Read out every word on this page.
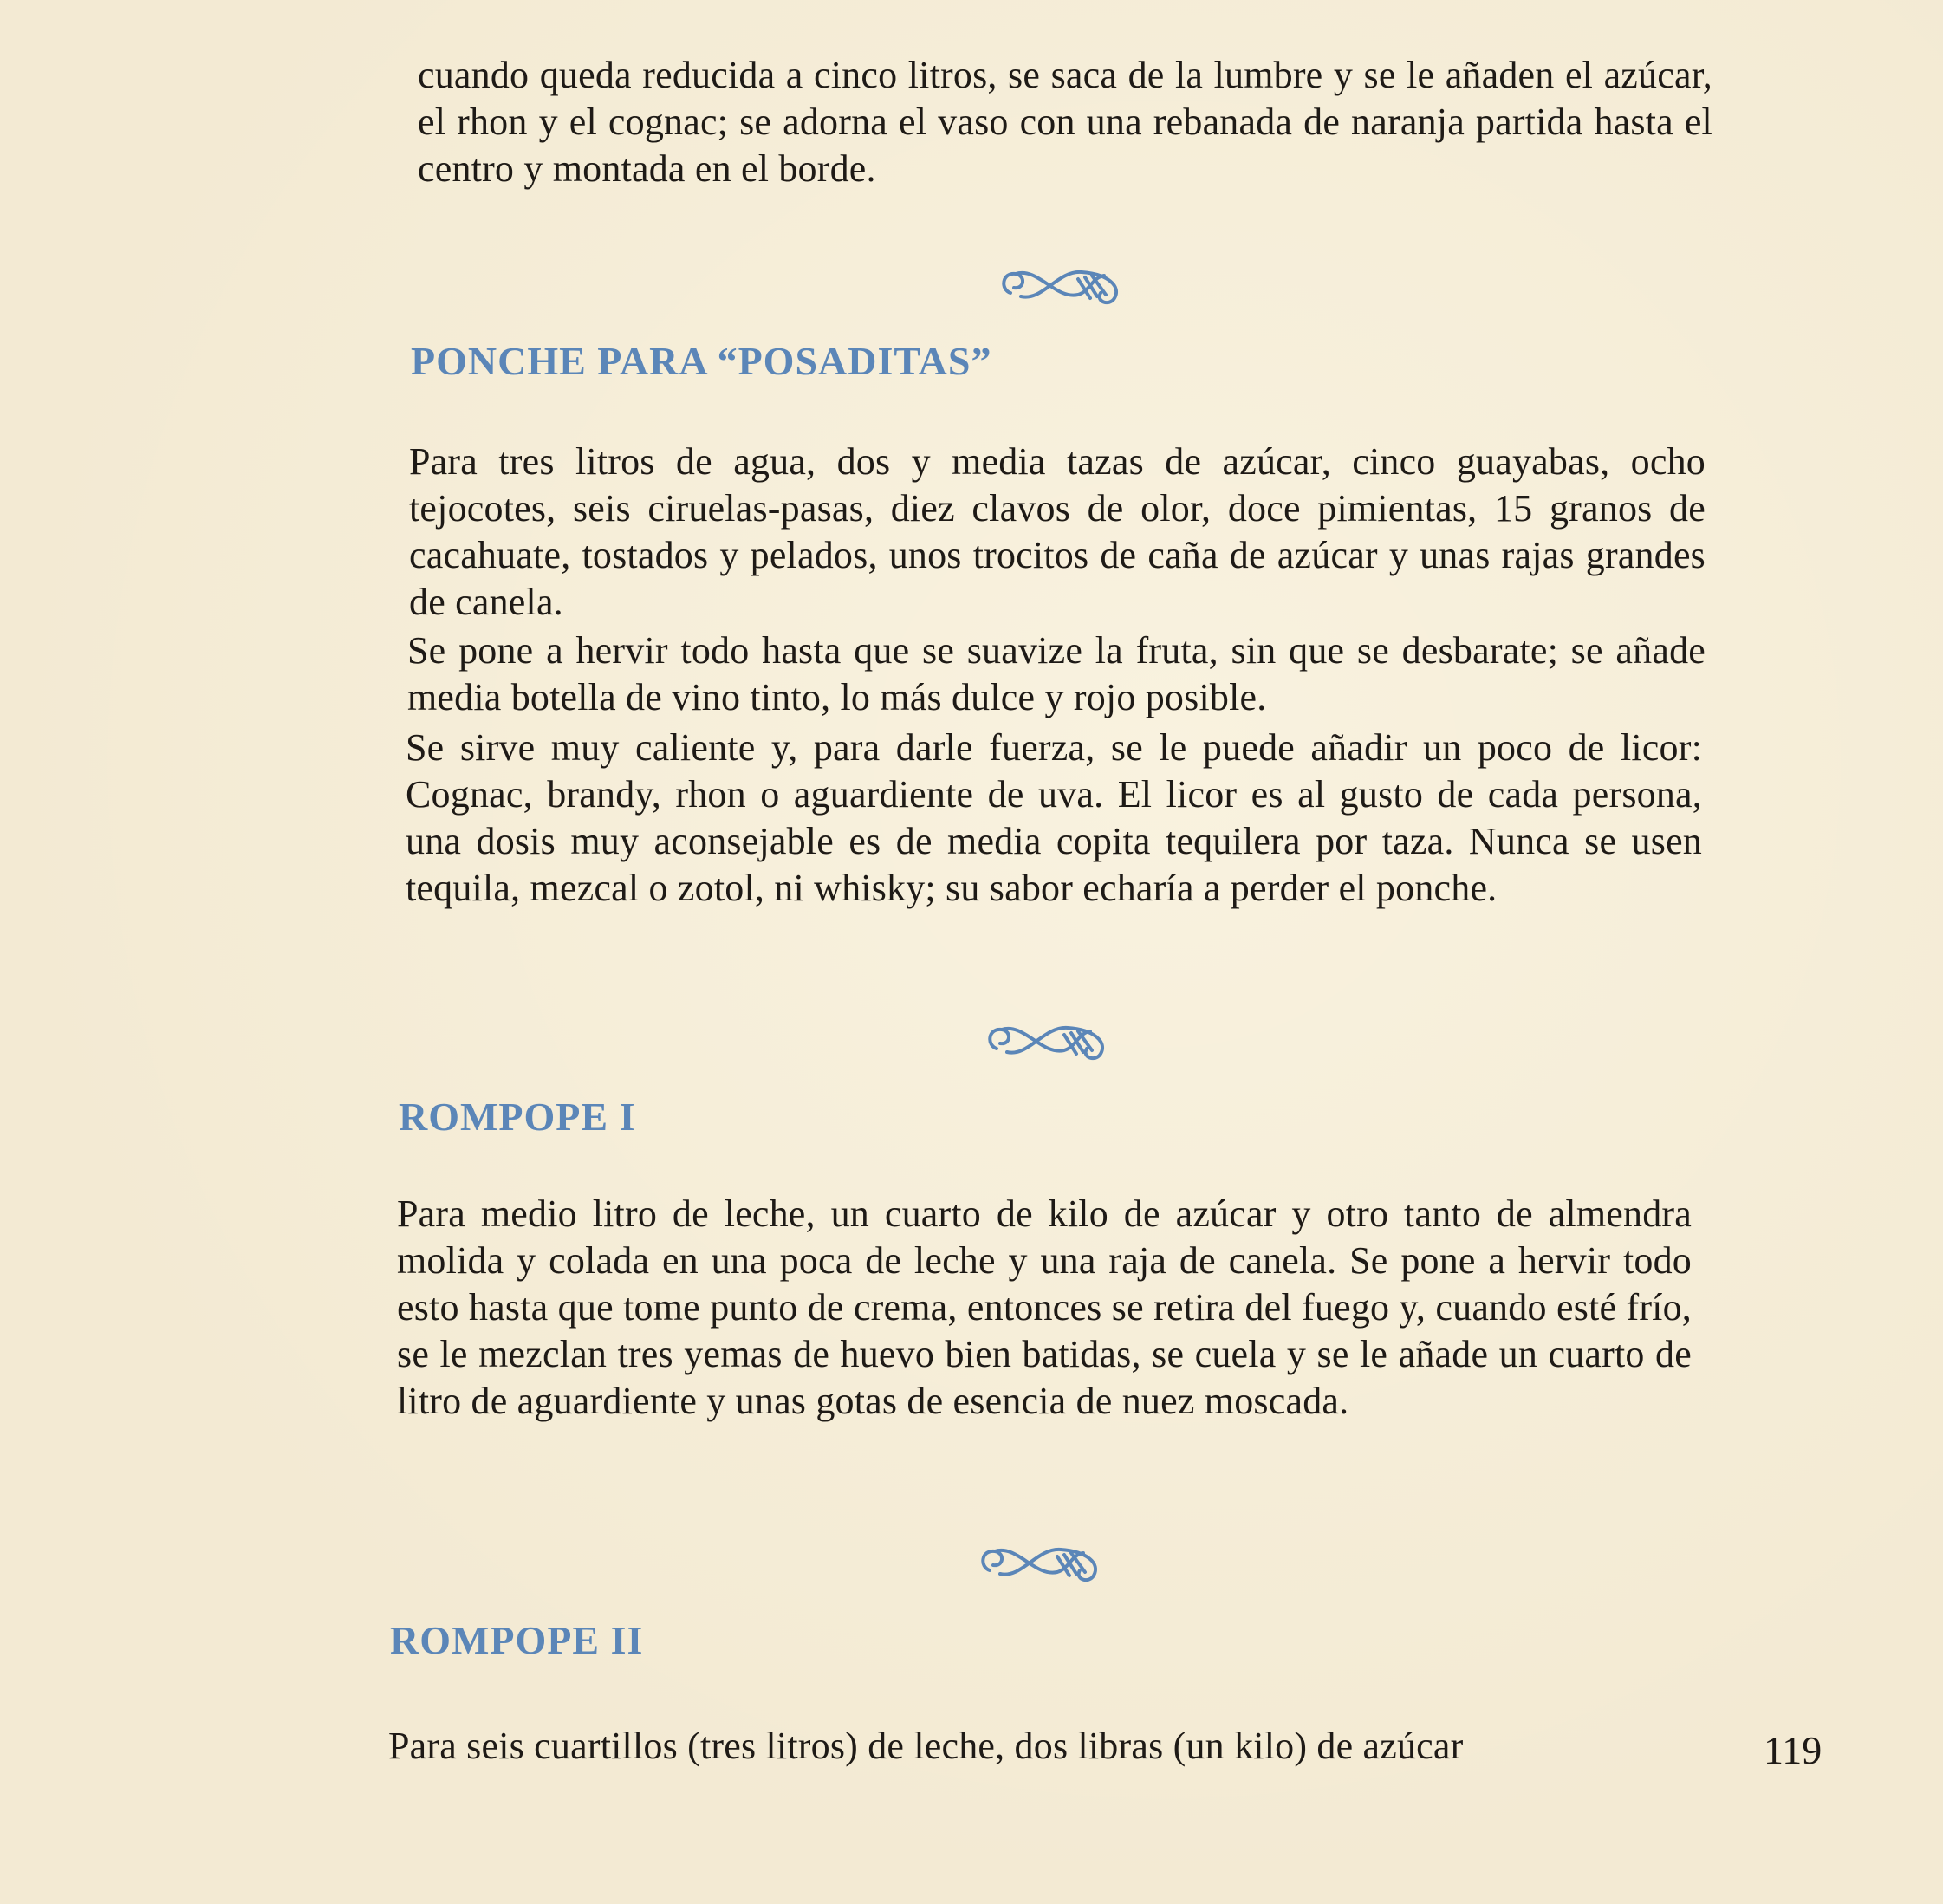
cuando queda reducida a cinco litros, se saca de la lumbre y se le añaden el azúcar, el rhon y el cognac; se adorna el vaso con una rebanada de naranja partida hasta el centro y montada en el borde.

PONCHE PARA “POSADITAS”

Para tres litros de agua, dos y media tazas de azúcar, cinco guayabas, ocho tejocotes, seis ciruelas-pasas, diez clavos de olor, doce pimientas, 15 granos de cacahuate, tostados y pelados, unos trocitos de caña de azúcar y unas rajas grandes de canela.

Se pone a hervir todo hasta que se suavize la fruta, sin que se desbarate; se añade media botella de vino tinto, lo más dulce y rojo posible.

Se sirve muy caliente y, para darle fuerza, se le puede añadir un poco de licor: Cognac, brandy, rhon o aguardiente de uva. El licor es al gusto de cada persona, una dosis muy aconsejable es de media copita tequilera por taza. Nunca se usen tequila, mezcal o zotol, ni whisky; su sabor echaría a perder el ponche.

ROMPOPE I

Para medio litro de leche, un cuarto de kilo de azúcar y otro tanto de almendra molida y colada en una poca de leche y una raja de canela. Se pone a hervir todo esto hasta que tome punto de crema, entonces se retira del fuego y, cuando esté frío, se le mezclan tres yemas de huevo bien batidas, se cuela y se le añade un cuarto de litro de aguardiente y unas gotas de esencia de nuez moscada.

ROMPOPE II

Para seis cuartillos (tres litros) de leche, dos libras (un kilo) de azúcar	119
